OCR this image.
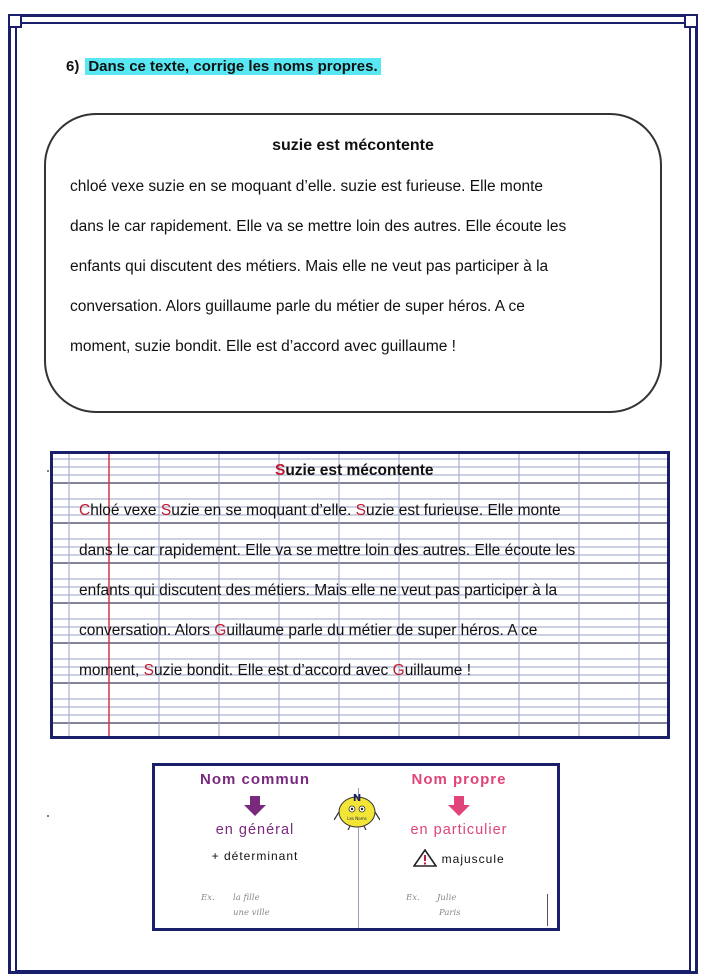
6) Dans ce texte, corrige les noms propres.
suzie est mécontente
chloé vexe suzie en se moquant d’elle. suzie est furieuse. Elle monte
dans le car rapidement. Elle va se mettre loin des autres. Elle écoute les
enfants qui discutent des métiers. Mais elle ne veut pas participer à la
conversation. Alors guillaume parle du métier de super héros. A ce
moment, suzie bondit. Elle est d’accord avec guillaume !
Suzie est mécontente
Chloé vexe Suzie en se moquant d’elle. Suzie est furieuse. Elle monte
dans le car rapidement. Elle va se mettre loin des autres. Elle écoute les
enfants qui discutent des métiers. Mais elle ne veut pas participer à la
conversation. Alors Guillaume parle du métier de super héros. A ce
moment, Suzie bondit. Elle est d’accord avec Guillaume !
Nom commun
en général
+ déterminant
Nom propre
en particulier
majuscule
N
Les Noms
Ex. la fille
une ville
Ex. Julie
Paris
